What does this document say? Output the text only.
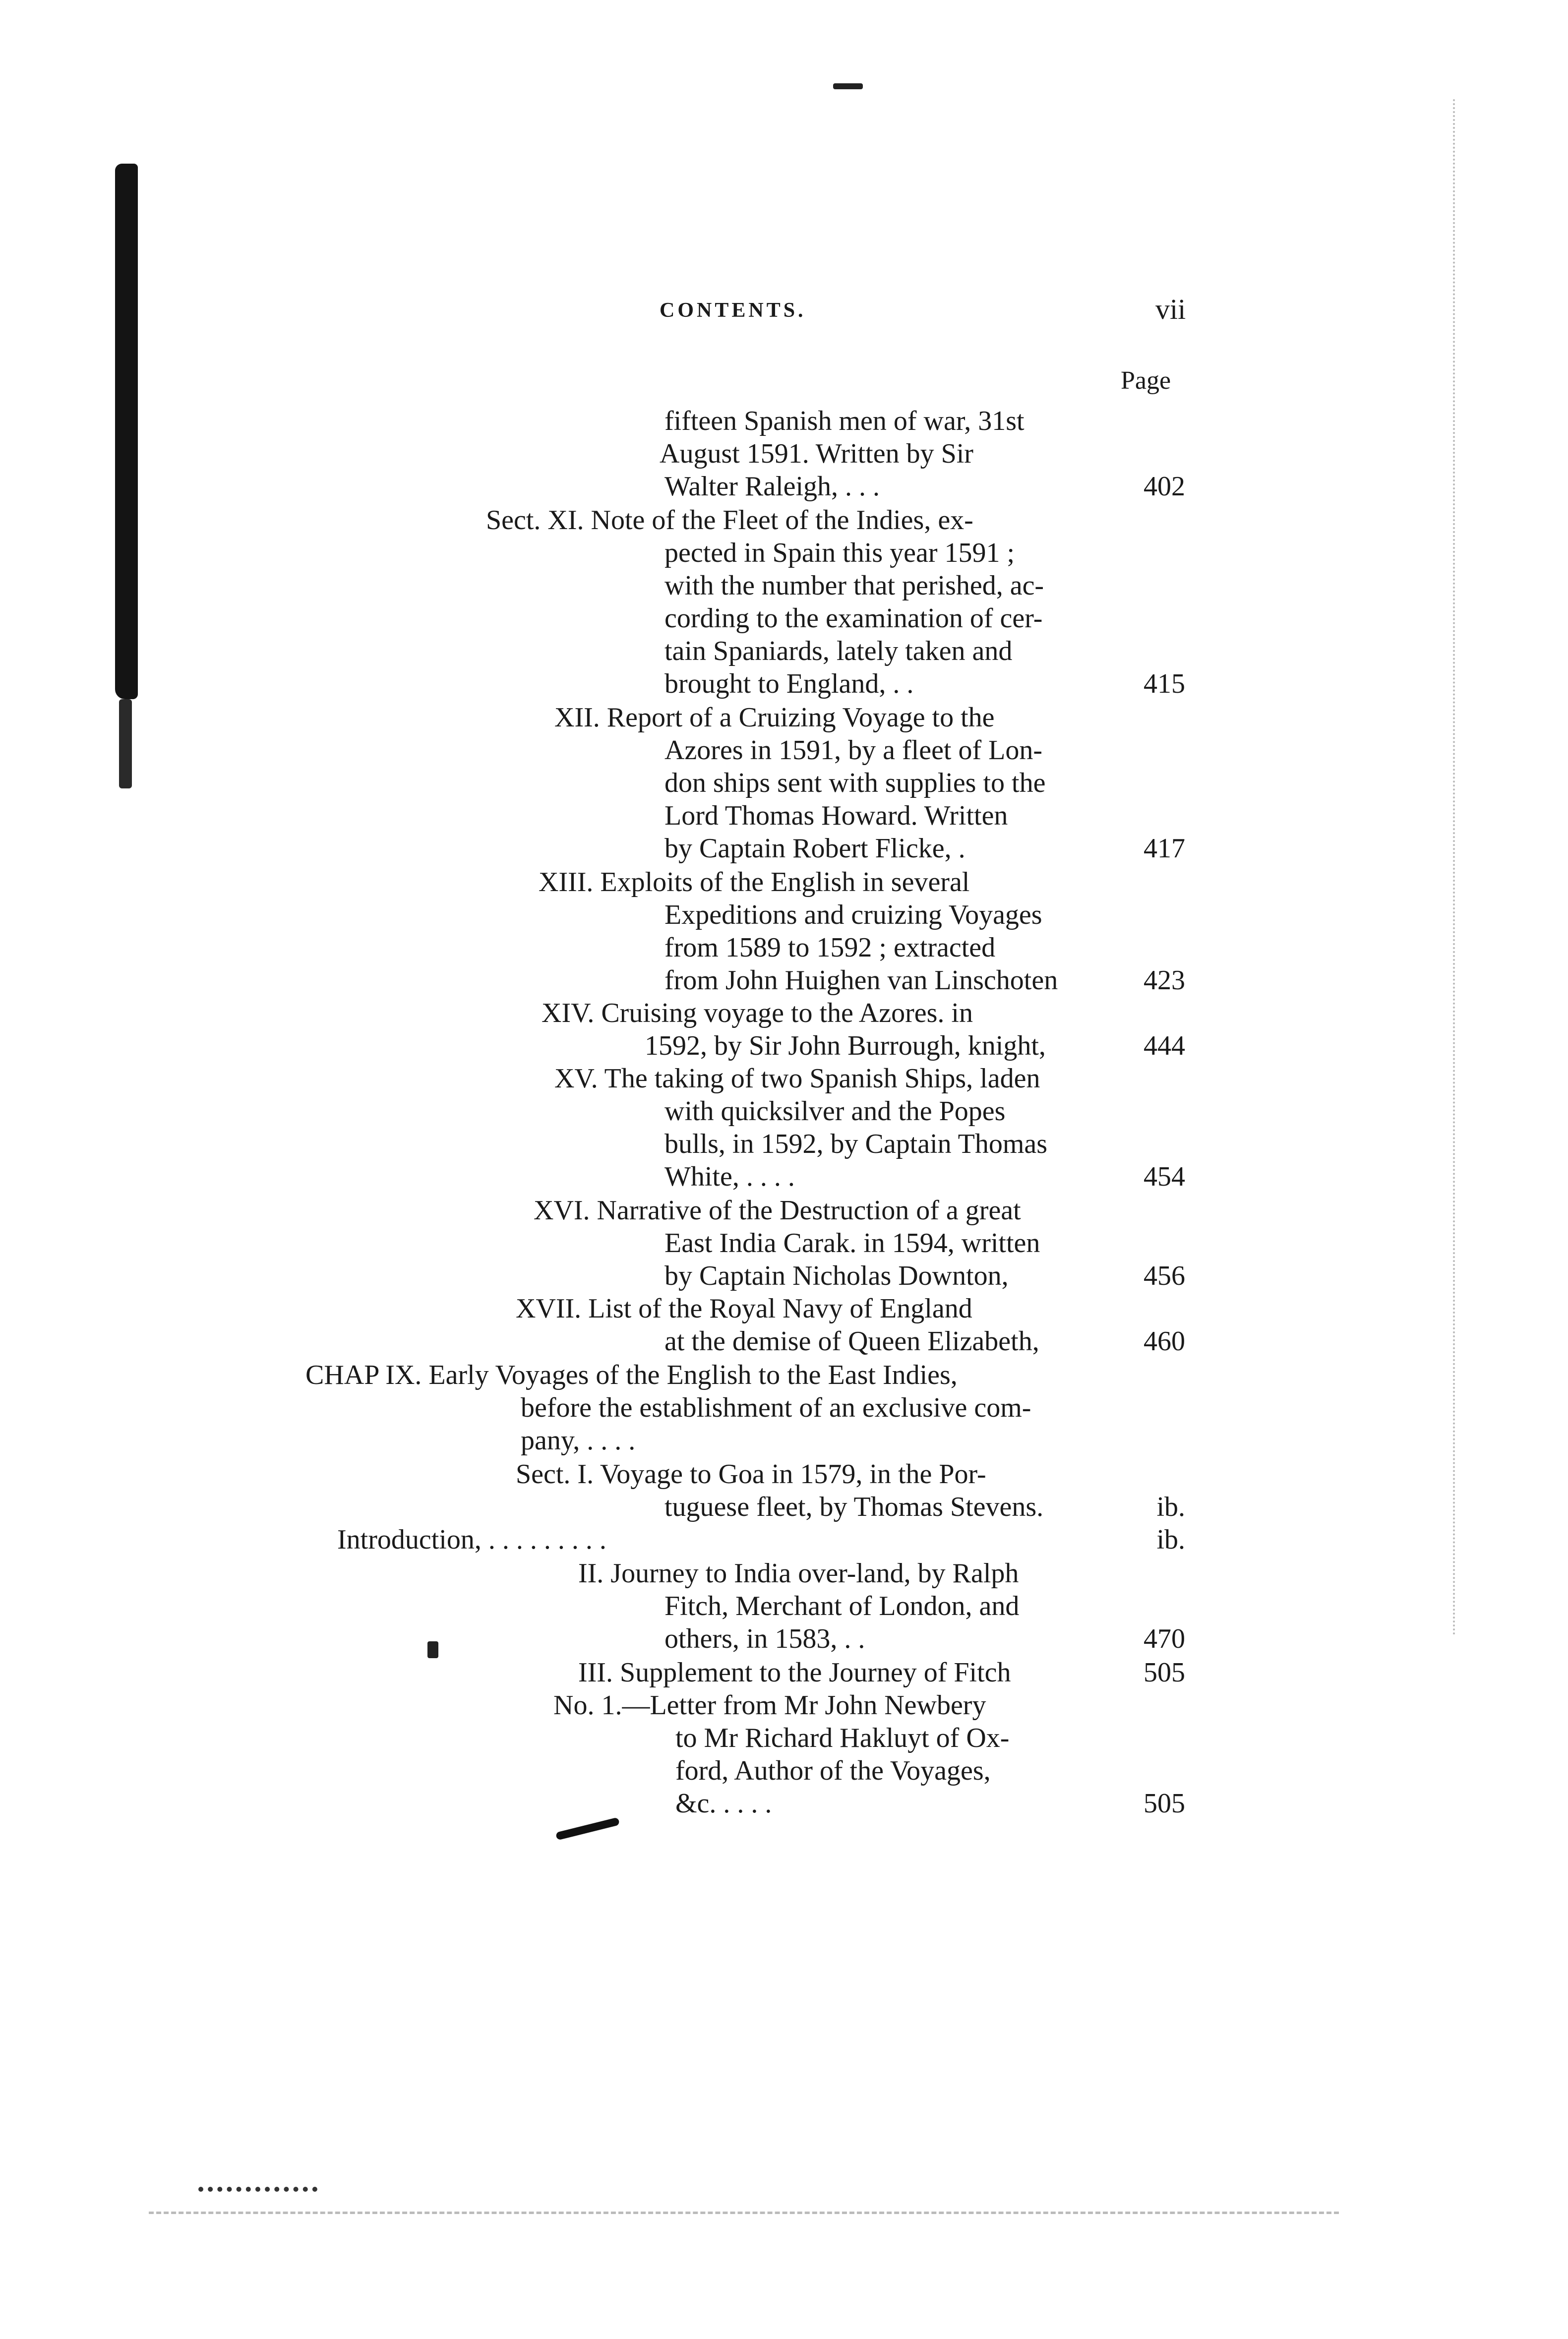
CONTENTS.	vii
Page
fifteen Spanish men of war, 31st
August 1591. Written by Sir
Walter Raleigh, . . .
Sect. XI. Note of the Fleet of the Indies, ex-
pected in Spain this year 1591 ;
with the number that perished, ac-
cording to the examination of cer-
tain Spaniards, lately taken and
brought to England, . .
XII. Report of a Cruizing Voyage to the
Azores in 1591, by a fleet of Lon-
don ships sent with supplies to the
Lord Thomas Howard. Written
by Captain Robert Flicke, .
XIII. Exploits of the English in several
Expeditions and cruizing Voyages
from 1589 to 1592 ; extracted
from John Huighen van Linschoten
XIV. Cruising voyage to the Azores. in
1592, by Sir John Burrough, knight,
XV. The taking of two Spanish Ships, laden
with quicksilver and the Popes
bulls, in 1592, by Captain Thomas
White, . . . .
XVI. Narrative of the Destruction of a great
East India Carak. in 1594, written
by Captain Nicholas Downton,
XVII. List of the Royal Navy of England
at the demise of Queen Elizabeth,
CHAP IX. Early Voyages of the English to the East Indies,
before the establishment of an exclusive com-
pany, . . . .
Sect. I. Voyage to Goa in 1579, in the Por-
tuguese fleet, by Thomas Stevens.
Introduction, . . . . . . . . .
II. Journey to India over-land, by Ralph
Fitch, Merchant of London, and
others, in 1583, . .
III. Supplement to the Journey of Fitch
No. 1.—Letter from Mr John Newbery
to Mr Richard Hakluyt of Ox-
ford, Author of the Voyages,
&c. . . . .
402
415
417
423
444
454
456
460
ib.
ib.
470
505
505
